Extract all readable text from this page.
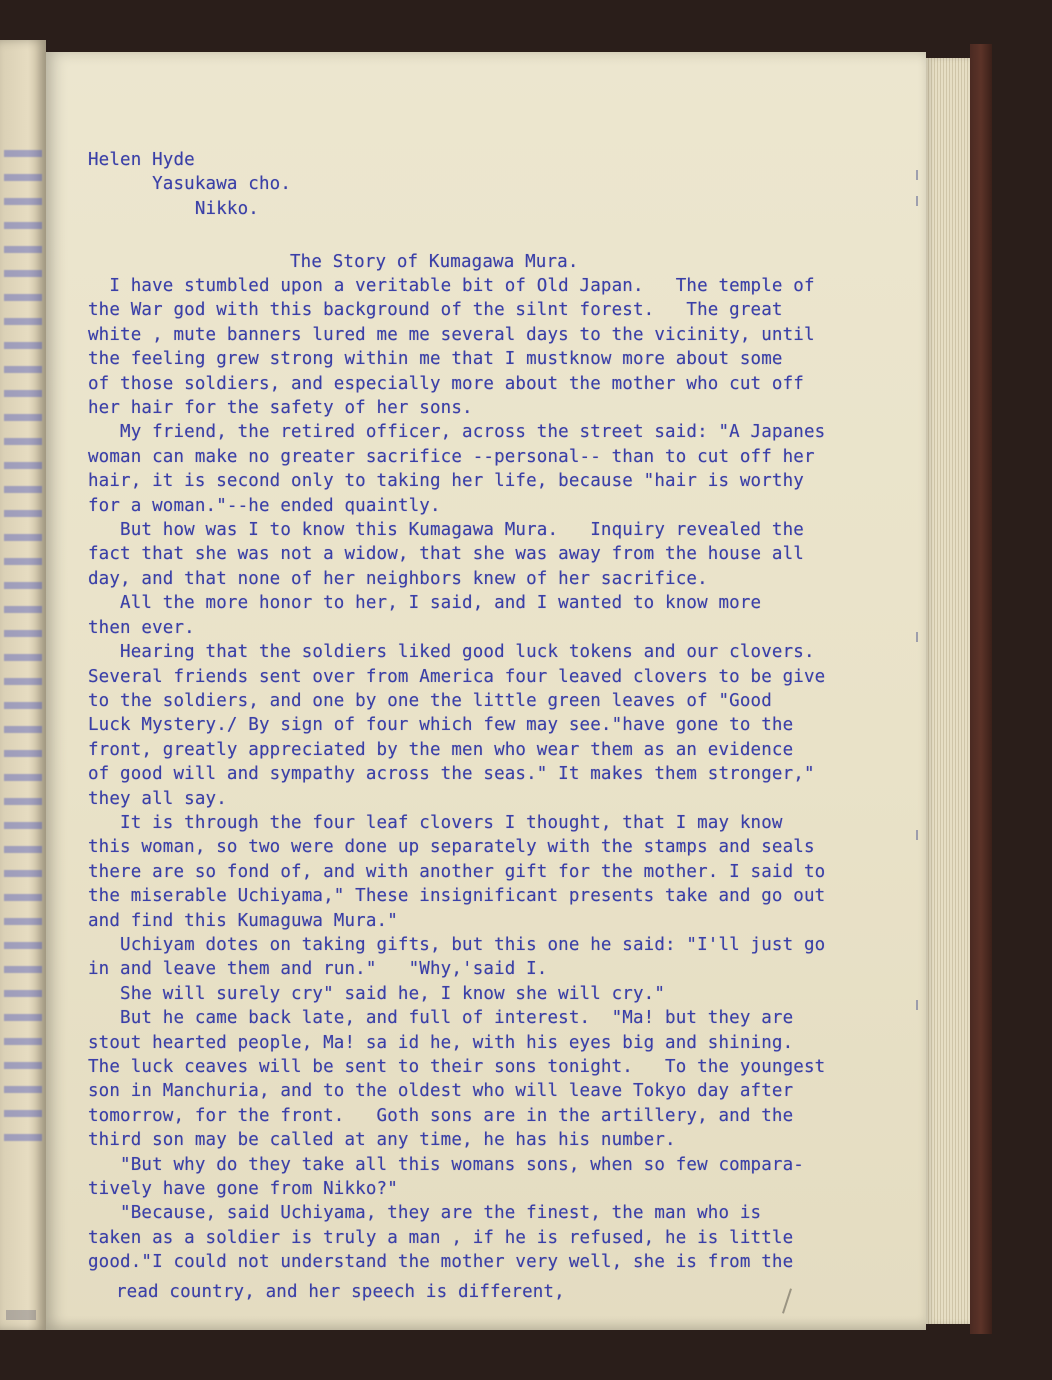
Helen Hyde
Yasukawa cho.
Nikko.

The Story of Kumagawa Mura.

I have stumbled upon a veritable bit of Old Japan.   The temple of
the War god with this background of the silnt forest.   The great
white , mute banners lured me me several days to the vicinity, until
the feeling grew strong within me that I mustknow more about some
of those soldiers, and especially more about the mother who cut off
her hair for the safety of her sons.
My friend, the retired officer, across the street said: "A Japanes
woman can make no greater sacrifice --personal-- than to cut off her
hair, it is second only to taking her life, because "hair is worthy
for a woman."--he ended quaintly.
But how was I to know this Kumagawa Mura.   Inquiry revealed the
fact that she was not a widow, that she was away from the house all
day, and that none of her neighbors knew of her sacrifice.
All the more honor to her, I said, and I wanted to know more
then ever.
Hearing that the soldiers liked good luck tokens and our clovers.
Several friends sent over from America four leaved clovers to be give
to the soldiers, and one by one the little green leaves of "Good
Luck Mystery./ By sign of four which few may see."have gone to the
front, greatly appreciated by the men who wear them as an evidence
of good will and sympathy across the seas." It makes them stronger,"
they all say.
It is through the four leaf clovers I thought, that I may know
this woman, so two were done up separately with the stamps and seals
there are so fond of, and with another gift for the mother. I said to
the miserable Uchiyama," These insignificant presents take and go out
and find this Kumaguwa Mura."
Uchiyam dotes on taking gifts, but this one he said: "I'll just go
in and leave them and run."   "Why,'said I.
She will surely cry" said he, I know she will cry."
But he came back late, and full of interest.  "Ma! but they are
stout hearted people, Ma! sa id he, with his eyes big and shining.
The luck ceaves will be sent to their sons tonight.   To the youngest
son in Manchuria, and to the oldest who will leave Tokyo day after
tomorrow, for the front.   Goth sons are in the artillery, and the
third son may be called at any time, he has his number.
"But why do they take all this womans sons, when so few compara-
tively have gone from Nikko?"
"Because, said Uchiyama, they are the finest, the man who is
taken as a soldier is truly a man , if he is refused, he is little
good."I could not understand the mother very well, she is from the

read country, and her speech is different,
